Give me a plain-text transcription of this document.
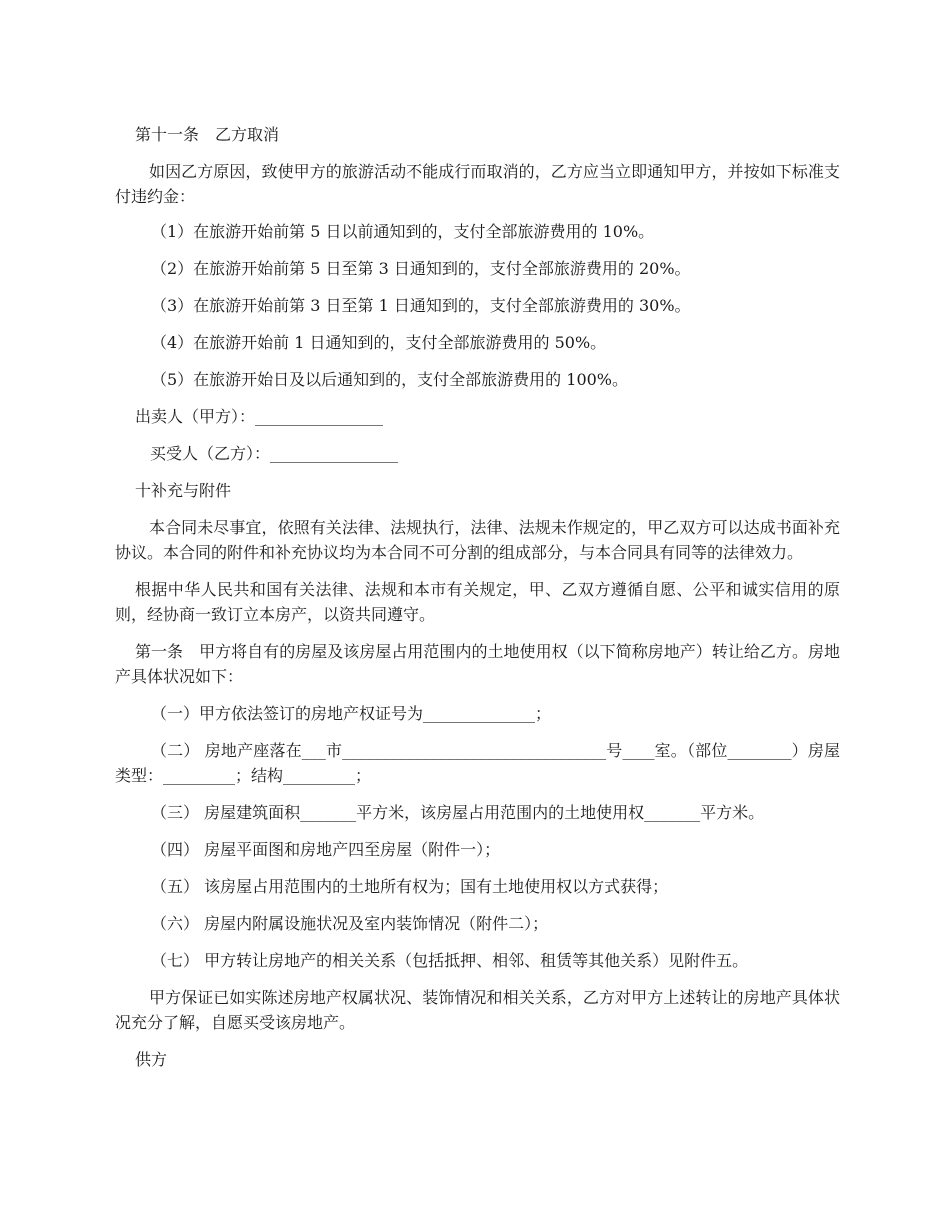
第十一条　乙方取消

如因乙方原因，致使甲方的旅游活动不能成行而取消的，乙方应当立即通知甲方，并按如下标准支付违约金：

（1）在旅游开始前第 5 日以前通知到的，支付全部旅游费用的 10%。

（2）在旅游开始前第 5 日至第 3 日通知到的，支付全部旅游费用的 20%。

（3）在旅游开始前第 3 日至第 1 日通知到的，支付全部旅游费用的 30%。

（4）在旅游开始前 1 日通知到的，支付全部旅游费用的 50%。

（5）在旅游开始日及以后通知到的，支付全部旅游费用的 100%。

出卖人（甲方）：________________

买受人（乙方）：________________

十补充与附件

本合同未尽事宜，依照有关法律、法规执行，法律、法规未作规定的，甲乙双方可以达成书面补充协议。本合同的附件和补充协议均为本合同不可分割的组成部分，与本合同具有同等的法律效力。

根据中华人民共和国有关法律、法规和本市有关规定，甲、乙双方遵循自愿、公平和诚实信用的原则，经协商一致订立本房产，以资共同遵守。

第一条　甲方将自有的房屋及该房屋占用范围内的土地使用权（以下简称房地产）转让给乙方。房地产具体状况如下：

（一）甲方依法签订的房地产权证号为______________；

（二） 房地产座落在___市_________________________________号____室。（部位________）房屋类型：_________；结构_________；

（三） 房屋建筑面积_______平方米，该房屋占用范围内的土地使用权_______平方米。

（四） 房屋平面图和房地产四至房屋（附件一）；

（五） 该房屋占用范围内的土地所有权为；国有土地使用权以方式获得；

（六） 房屋内附属设施状况及室内装饰情况（附件二）；

（七） 甲方转让房地产的相关关系（包括抵押、相邻、租赁等其他关系）见附件五。

甲方保证已如实陈述房地产权属状况、装饰情况和相关关系，乙方对甲方上述转让的房地产具体状况充分了解，自愿买受该房地产。

供方
